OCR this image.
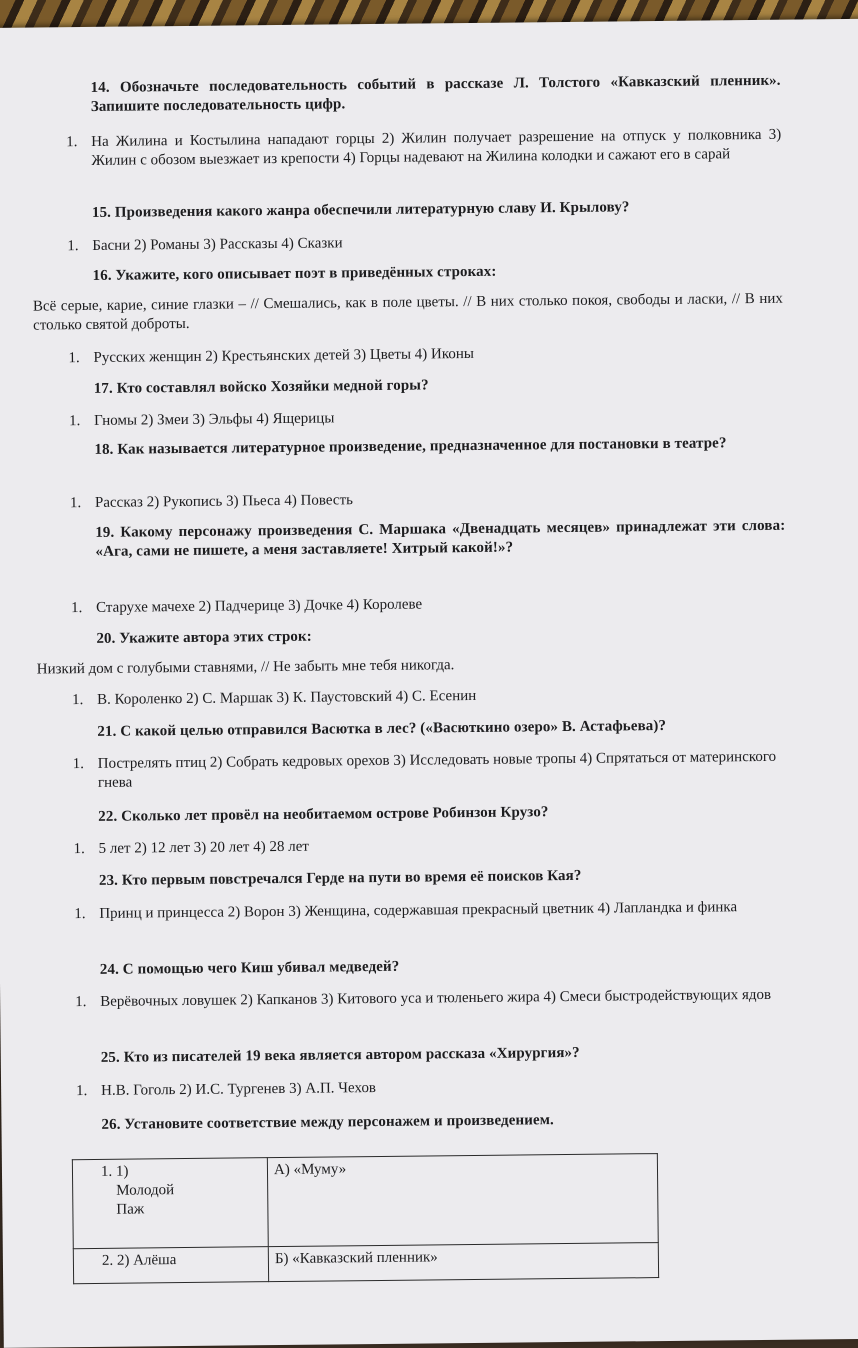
14. Обозначьте последовательность событий в рассказе Л. Толстого «Кавказский пленник». Запишите последовательность цифр.
1. На Жилина и Костылина нападают горцы 2) Жилин получает разрешение на отпуск у полковника 3) Жилин с обозом выезжает из крепости 4) Горцы надевают на Жилина колодки и сажают его в сарай
15. Произведения какого жанра обеспечили литературную славу И. Крылову?
1. Басни 2) Романы 3) Рассказы 4) Сказки
16. Укажите, кого описывает поэт в приведённых строках:
Всё серые, карие, синие глазки – // Смешались, как в поле цветы. // В них столько покоя, свободы и ласки, // В них столько святой доброты.
1. Русских женщин 2) Крестьянских детей 3) Цветы 4) Иконы
17. Кто составлял войско Хозяйки медной горы?
1. Гномы 2) Змеи 3) Эльфы 4) Ящерицы
18. Как называется литературное произведение, предназначенное для постановки в театре?
1. Рассказ 2) Рукопись 3) Пьеса 4) Повесть
19. Какому персонажу произведения С. Маршака «Двенадцать месяцев» принадлежат эти слова: «Ага, сами не пишете, а меня заставляете! Хитрый какой!»?
1. Старухе мачехе 2) Падчерице 3) Дочке 4) Королеве
20. Укажите автора этих строк:
Низкий дом с голубыми ставнями, // Не забыть мне тебя никогда.
1. В. Короленко 2) С. Маршак 3) К. Паустовский 4) С. Есенин
21. С какой целью отправился Васютка в лес? («Васюткино озеро» В. Астафьева)?
1. Пострелять птиц 2) Собрать кедровых орехов 3) Исследовать новые тропы 4) Спрятаться от материнского гнева
22. Сколько лет провёл на необитаемом острове Робинзон Крузо?
1. 5 лет 2) 12 лет 3) 20 лет 4) 28 лет
23. Кто первым повстречался Герде на пути во время её поисков Кая?
1. Принц и принцесса 2) Ворон 3) Женщина, содержавшая прекрасный цветник 4) Лапландка и финка
24. С помощью чего Киш убивал медведей?
1. Верёвочных ловушек 2) Капканов 3) Китового уса и тюленьего жира 4) Смеси быстродействующих ядов
25. Кто из писателей 19 века является автором рассказа «Хирургия»?
1. Н.В. Гоголь 2) И.С. Тургенев 3) А.П. Чехов
26. Установите соответствие между персонажем и произведением.
1. 1) Молодой Паж	А) «Муму»
2. 2) Алёша	Б) «Кавказский пленник»
